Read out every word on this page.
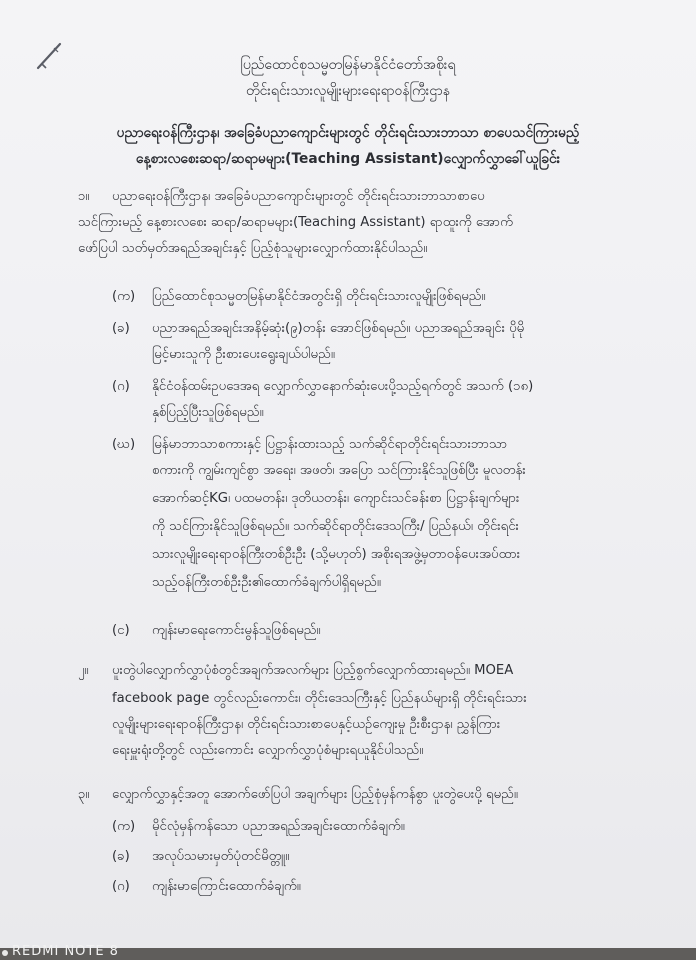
ပြည်ထောင်စုသမ္မတမြန်မာနိုင်ငံတော်အစိုးရ
တိုင်းရင်းသားလူမျိုးများရေးရာဝန်ကြီးဌာန
ပညာရေးဝန်ကြီးဌာန၊ အခြေခံပညာကျောင်းများတွင် တိုင်းရင်းသားဘာသာ စာပေသင်ကြားမည့်
နေ့စားလစေးဆရာ/ဆရာမများ(Teaching Assistant)လျှောက်လွှာခေါ်ယူခြင်း
၁။ ပညာရေးဝန်ကြီးဌာန၊ အခြေခံပညာကျောင်းများတွင် တိုင်းရင်းသားဘာသာစာပေ
သင်ကြားမည့် နေ့စားလစေး ဆရာ/ဆရာမများ(Teaching Assistant) ရာထူးကို အောက်
ဖော်ပြပါ သတ်မှတ်အရည်အချင်းနှင့် ပြည့်စုံသူများလျှောက်ထားနိုင်ပါသည်။
(က) ပြည်ထောင်စုသမ္မတမြန်မာနိုင်ငံအတွင်းရှိ တိုင်းရင်းသားလူမျိုးဖြစ်ရမည်။
(ခ) ပညာအရည်အချင်းအနိမ့်ဆုံး(၉)တန်း အောင်ဖြစ်ရမည်။ ပညာအရည်အချင်း ပိုမို
မြင့်မားသူကို ဦးစားပေးရွေးချယ်ပါမည်။
(ဂ) နိုင်ငံဝန်ထမ်းဥပဒေအရ လျှောက်လွှာနောက်ဆုံးပေးပို့သည့်ရက်တွင် အသက် (၁၈)
နှစ်ပြည့်ပြီးသူဖြစ်ရမည်။
(ဃ) မြန်မာဘာသာစကားနှင့် ပြဋ္ဌာန်းထားသည့် သက်ဆိုင်ရာတိုင်းရင်းသားဘာသာ
စကားကို ကျွမ်းကျင်စွာ အရေး၊ အဖတ်၊ အပြော သင်ကြားနိုင်သူဖြစ်ပြီး မူလတန်း
အောက်ဆင့်KG၊ ပထမတန်း၊ ဒုတိယတန်း၊ ကျောင်းသင်ခန်းစာ ပြဋ္ဌာန်းချက်များ
ကို သင်ကြားနိုင်သူဖြစ်ရမည်။ သက်ဆိုင်ရာတိုင်းဒေသကြီး/ ပြည်နယ်၊ တိုင်းရင်း
သားလူမျိုးရေးရာဝန်ကြီးတစ်ဦးဦး (သို့မဟုတ်) အစိုးရအဖွဲ့မှတာဝန်ပေးအပ်ထား
သည့်ဝန်ကြီးတစ်ဦးဦး၏ထောက်ခံချက်ပါရှိရမည်။
(င) ကျန်းမာရေးကောင်းမွန်သူဖြစ်ရမည်။
၂။ ပူးတွဲပါလျှောက်လွှာပုံစံတွင်အချက်အလက်များ ပြည့်စွက်လျှောက်ထားရမည်။ MOEA
facebook page တွင်လည်းကောင်း၊ တိုင်းဒေသကြီးနှင့် ပြည်နယ်များရှိ တိုင်းရင်းသား
လူမျိုးများရေးရာဝန်ကြီးဌာန၊ တိုင်းရင်းသားစာပေနှင့်ယဉ်ကျေးမှု ဦးစီးဌာန၊ ညွှန်ကြား
ရေးမှူးရုံးတို့တွင် လည်းကောင်း လျှောက်လွှာပုံစံများရယူနိုင်ပါသည်။
၃။ လျှောက်လွှာနှင့်အတူ အောက်ဖော်ပြပါ အချက်များ ပြည့်စုံမှန်ကန်စွာ ပူးတွဲပေးပို့ ရမည်။
(က) မိုင်လုံမှန်ကန်သော ပညာအရည်အချင်းထောက်ခံချက်။
(ခ) အလုပ်သမားမှတ်ပုံတင်မိတ္တူ။
(ဂ) ကျန်းမာကြောင်းထောက်ခံချက်။
REDMI NOTE 8
